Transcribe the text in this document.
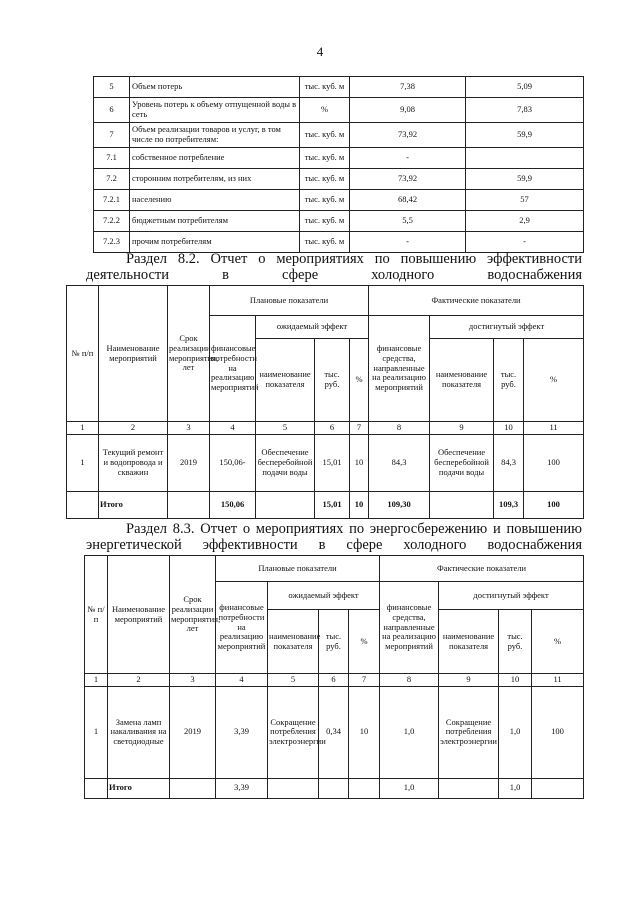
4
5	Объем потерь	тыс. куб. м	7,38	5,09
6	Уровень потерь к объему отпущенной воды в сеть	%	9,08	7,83
7	Объем реализации товаров и услуг, в том числе по потребителям:	тыс. куб. м	73,92	59,9
7.1	собственное потребление	тыс. куб. м	-	
7.2	сторонним потребителям, из них	тыс. куб. м	73,92	59,9
7.2.1	населению	тыс. куб. м	68,42	57
7.2.2	бюджетным потребителям	тыс. куб. м	5,5	2,9
7.2.3	прочим потребителям	тыс. куб. м	-	-
Раздел 8.2. Отчет о мероприятиях по повышению эффективности
деятельности в сфере холодного водоснабжения
№ п/п	Наименование мероприятий	Срок реализации мероприятия, лет	Плановые показатели				Фактические показатели			
			финансовые потребности на реализацию мероприятий	ожидаемый эффект			финансовые средства, направленные на реализацию мероприятий	достигнутый эффект		
				наименование показателя	тыс. руб.	%		наименование показателя	тыс. руб.	%
1	2	3	4	5	6	7	8	9	10	11
1	Текущий ремонт и водопровода и скважин	2019	150,06-	Обеспечение бесперебойной подачи воды	15,01	10	84,3	Обеспечение бесперебойной подачи воды	84,3	100
	Итого		150,06		15,01	10	109,30		109,3	100
Раздел 8.3. Отчет о мероприятиях по энергосбережению и повышению
энергетической эффективности в сфере холодного водоснабжения
№ п/п	Наименование мероприятий	Срок реализации мероприятия, лет	Плановые показатели				Фактические показатели			
			финансовые потребности на реализацию мероприятий	ожидаемый эффект			финансовые средства, направленные на реализацию мероприятий	достигнутый эффект		
				наименование показателя	тыс. руб.	%		наименование показателя	тыс. руб.	%
1	2	3	4	5	6	7	8	9	10	11
1	Замена ламп накаливания на светодиодные	2019	3,39	Сокращение потребления электроэнергии	0,34	10	1,0	Сокращение потребления электроэнергии	1,0	100
	Итого		3,39				1,0		1,0	
